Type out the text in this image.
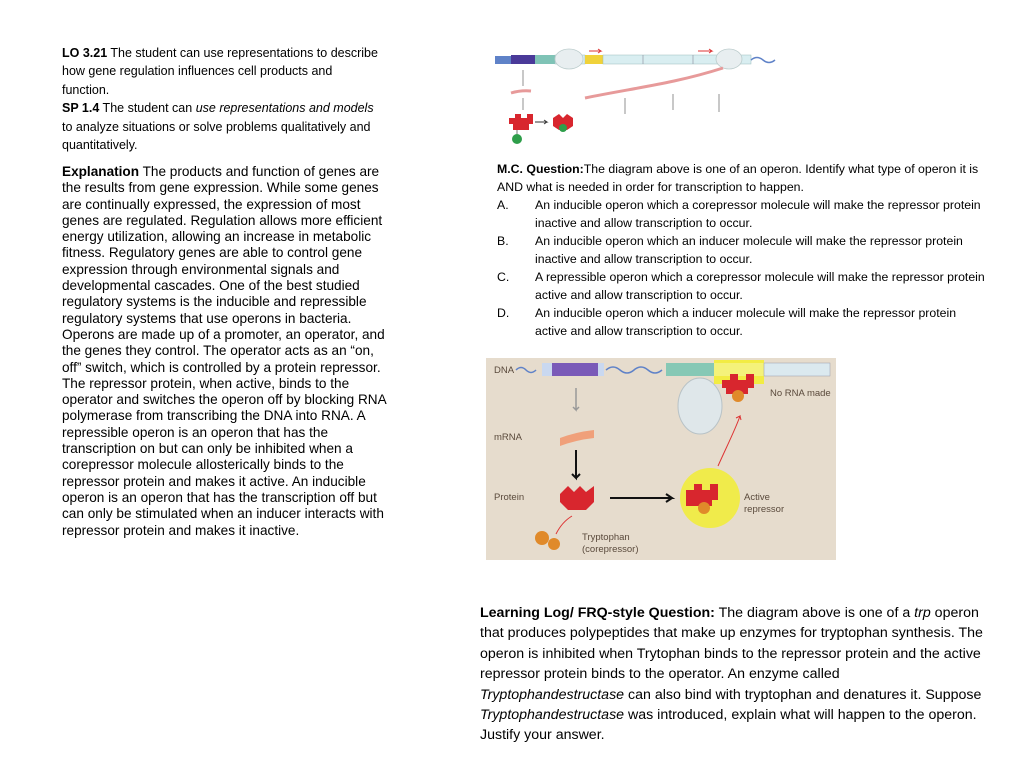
LO 3.21 The student can use representations to describe how gene regulation influences cell products and function.
SP 1.4 The student can use representations and models to analyze situations or solve problems qualitatively and quantitatively.
Explanation The products and function of genes are the results from gene expression. While some genes are continually expressed, the expression of most genes are regulated. Regulation allows more efficient energy utilization, allowing an increase in metabolic fitness. Regulatory genes are able to control gene expression through environmental signals and developmental cascades. One of the best studied regulatory systems is the inducible and repressible regulatory systems that use operons in bacteria. Operons are made up of a promoter, an operator, and the genes they control. The operator acts as an “on, off” switch, which is controlled by a protein repressor. The repressor protein, when active, binds to the operator and switches the operon off by blocking RNA polymerase from transcribing the DNA into RNA. A repressible operon is an operon that has the transcription on but can only be inhibited when a corepressor molecule allosterically binds to the repressor protein and makes it active. An inducible operon is an operon that has the transcription off but can only be stimulated when an inducer interacts with repressor protein and makes it inactive.
M.C. Question:The diagram above is one of an operon. Identify what type of operon it is AND what is needed in order for transcription to happen.
A.	An inducible operon which a corepressor molecule will make the repressor protein inactive and allow transcription to occur.
B.	An inducible operon which an inducer molecule will make the repressor protein inactive and allow transcription to occur.
C.	A repressible operon which a corepressor molecule will make the repressor protein active and allow transcription to occur.
D.	An inducible operon which a inducer molecule will make the repressor protein active and allow transcription to occur.
DNA
No RNA made
mRNA
Protein	Active
repressor
Tryptophan
(corepressor)
Learning Log/ FRQ-style Question: The diagram above is one of a trp operon that produces polypeptides that make up enzymes for tryptophan synthesis. The operon is inhibited when Trytophan binds to the repressor protein and the active repressor protein binds to the operator. An enzyme called Tryptophandestructase can also bind with tryptophan and denatures it. Suppose Tryptophandestructase was introduced, explain what will happen to the operon. Justify your answer.
